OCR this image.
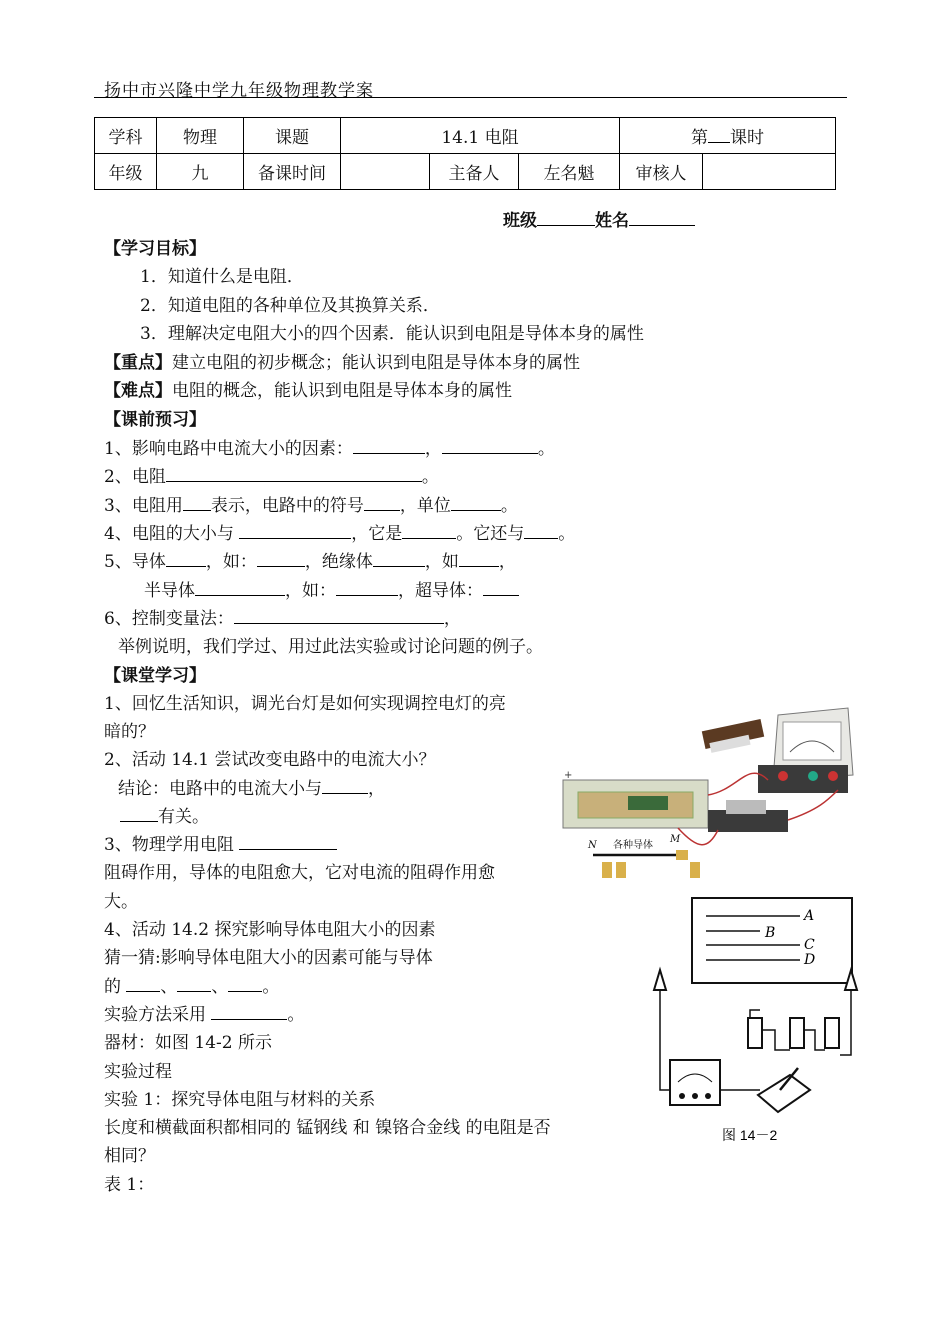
扬中市兴隆中学九年级物理教学案
学科	物理	课题	14.1 电阻			第 课时	
年级	九	备课时间		主备人	左名魁	审核人	
班级	姓名
【学习目标】
1．知道什么是电阻．
2．知道电阻的各种单位及其换算关系．
3．理解决定电阻大小的四个因素．能认识到电阻是导体本身的属性
【重点】建立电阻的初步概念；能认识到电阻是导体本身的属性
【难点】电阻的概念，能认识到电阻是导体本身的属性
【课前预习】
1、影响电路中电流大小的因素：	，	。
2、电阻	。
3、电阻用 表示，电路中的符号 ，单位	。
4、电阻的大小与	，它是	。它还与 。
5、导体 ，如：	，绝缘体	，如 ，
半导体	，如：	，超导体：
6、控制变量法：	，
举例说明，我们学过、用过此法实验或讨论问题的例子。
【课堂学习】
1、回忆生活知识，调光台灯是如何实现调控电灯的亮
暗的？
2、活动 14.1 尝试改变电路中的电流大小？
结论：电路中的电流大小与	，
有关。
3、物理学用电阻
阻碍作用，导体的电阻愈大，它对电流的阻碍作用愈
大。
4、活动 14.2 探究影响导体电阻大小的因素
猜一猜:影响导体电阻大小的因素可能与导体
的 、 、 。
实验方法采用	。
器材：如图 14-2 所示
实验过程
实验 1：探究导体电阻与材料的关系
长度和横截面积都相同的 锰钢线 和 镍铬合金线 的电阻是否
相同？
表 1：
+
各种导体
N
M
A
B
C
D
图 14－2
